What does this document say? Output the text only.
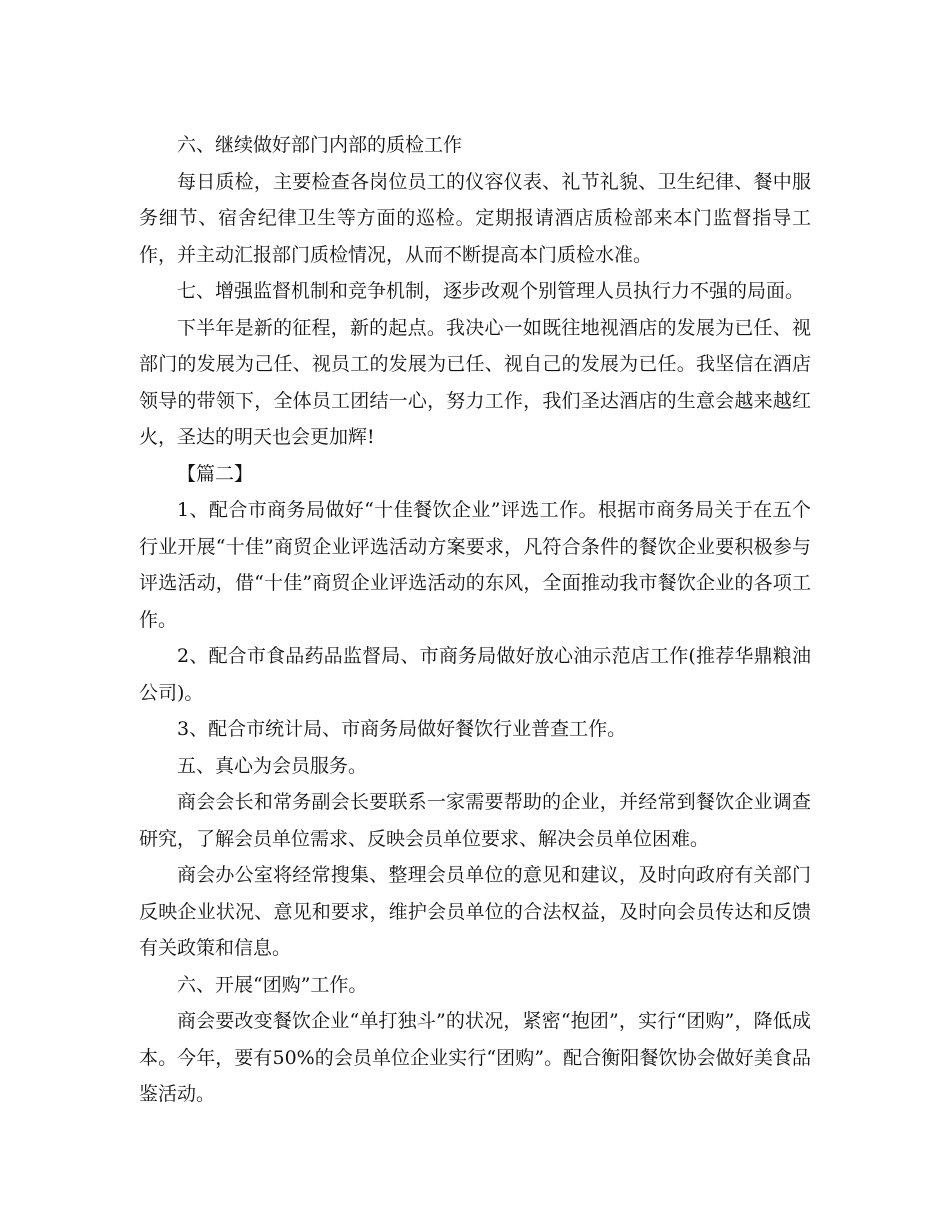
六、继续做好部门内部的质检工作

每日质检，主要检查各岗位员工的仪容仪表、礼节礼貌、卫生纪律、餐中服务细节、宿舍纪律卫生等方面的巡检。定期报请酒店质检部来本门监督指导工作，并主动汇报部门质检情况，从而不断提高本门质检水准。

七、增强监督机制和竞争机制，逐步改观个别管理人员执行力不强的局面。

下半年是新的征程，新的起点。我决心一如既往地视酒店的发展为已任、视部门的发展为己任、视员工的发展为已任、视自己的发展为已任。我坚信在酒店领导的带领下，全体员工团结一心，努力工作，我们圣达酒店的生意会越来越红火，圣达的明天也会更加辉!

【篇二】

1、配合市商务局做好“十佳餐饮企业”评选工作。根据市商务局关于在五个行业开展“十佳”商贸企业评选活动方案要求，凡符合条件的餐饮企业要积极参与评选活动，借“十佳”商贸企业评选活动的东风，全面推动我市餐饮企业的各项工作。

2、配合市食品药品监督局、市商务局做好放心油示范店工作(推荐华鼎粮油公司)。

3、配合市统计局、市商务局做好餐饮行业普查工作。

五、真心为会员服务。

商会会长和常务副会长要联系一家需要帮助的企业，并经常到餐饮企业调查研究，了解会员单位需求、反映会员单位要求、解决会员单位困难。

商会办公室将经常搜集、整理会员单位的意见和建议，及时向政府有关部门反映企业状况、意见和要求，维护会员单位的合法权益，及时向会员传达和反馈有关政策和信息。

六、开展“团购”工作。

商会要改变餐饮企业“单打独斗”的状况，紧密“抱团”，实行“团购”，降低成本。今年，要有50%的会员单位企业实行“团购”。配合衡阳餐饮协会做好美食品鉴活动。
